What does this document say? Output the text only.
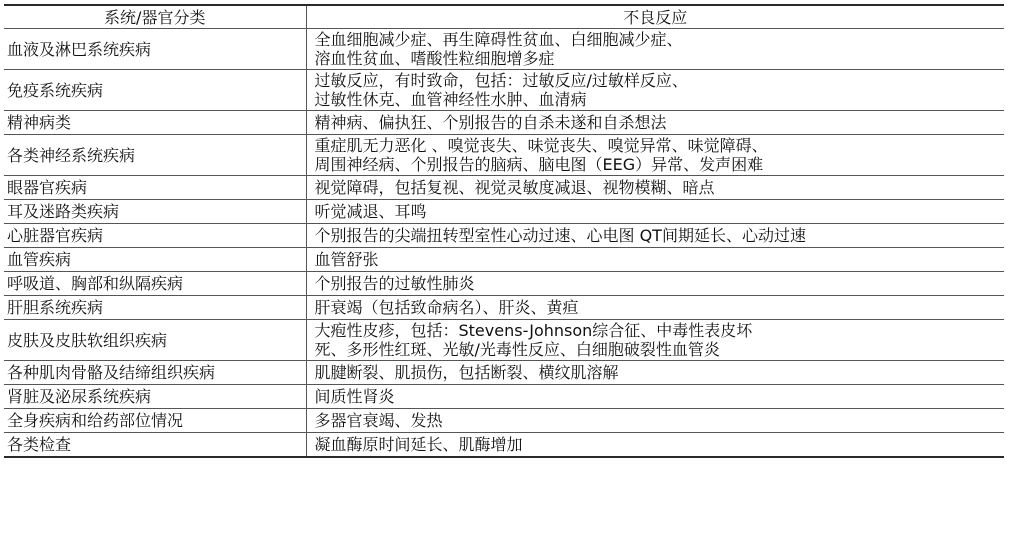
系统/器官分类	不良反应
血液及淋巴系统疾病	全血细胞减少症、再生障碍性贫血、白细胞减少症、
溶血性贫血、嗜酸性粒细胞增多症
免疫系统疾病	过敏反应，有时致命，包括：过敏反应/过敏样反应、
过敏性休克、血管神经性水肿、血清病
精神病类	精神病、偏执狂、个别报告的自杀未遂和自杀想法
各类神经系统疾病	重症肌无力恶化 、嗅觉丧失、味觉丧失、嗅觉异常、味觉障碍、
周围神经病、个别报告的脑病、脑电图（EEG）异常、发声困难
眼器官疾病	视觉障碍，包括复视、视觉灵敏度减退、视物模糊、暗点
耳及迷路类疾病	听觉减退、耳鸣
心脏器官疾病	个别报告的尖端扭转型室性心动过速、心电图 QT间期延长、心动过速
血管疾病	血管舒张
呼吸道、胸部和纵隔疾病	个别报告的过敏性肺炎
肝胆系统疾病	肝衰竭（包括致命病名）、肝炎、黄疸
皮肤及皮肤软组织疾病	大疱性皮疹，包括：Stevens-Johnson综合征、中毒性表皮坏
死、多形性红斑、光敏/光毒性反应、白细胞破裂性血管炎
各种肌肉骨骼及结缔组织疾病	肌腱断裂、肌损伤，包括断裂、横纹肌溶解
肾脏及泌尿系统疾病	间质性肾炎
全身疾病和给药部位情况	多器官衰竭、发热
各类检查	凝血酶原时间延长、肌酶增加
